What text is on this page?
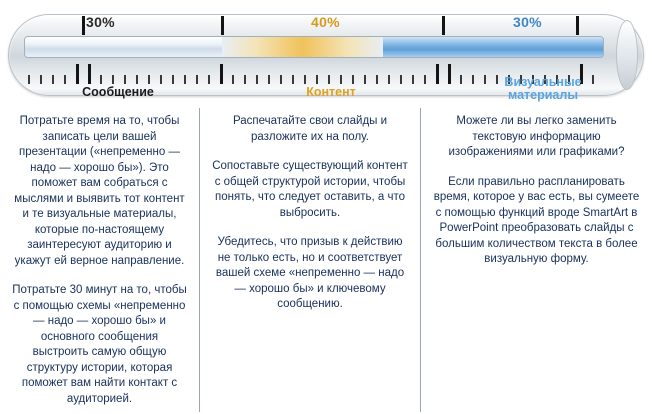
30%	40%	30%
Сообщение	Контент
Визуальные материалы

Потратьте время на то, чтобы записать цели вашей презентации («непременно — надо — хорошо бы»). Это поможет вам собраться с мыслями и выявить тот контент и те визуальные материалы, которые по-настоящему заинтересуют аудиторию и укажут ей верное направление.

Потратьте 30 минут на то, чтобы с помощью схемы «непременно — надо — хорошо бы» и основного сообщения выстроить самую общую структуру истории, которая поможет вам найти контакт с аудиторией.

Распечатайте свои слайды и разложите их на полу.

Сопоставьте существующий контент с общей структурой истории, чтобы понять, что следует оставить, а что выбросить.

Убедитесь, что призыв к действию не только есть, но и соответствует вашей схеме «непременно — надо — хорошо бы» и ключевому сообщению.

Можете ли вы легко заменить текстовую информацию изображениями или графиками?

Если правильно распланировать время, которое у вас есть, вы сумеете с помощью функций вроде SmartArt в PowerPoint преобразовать слайды с большим количеством текста в более визуальную форму.
